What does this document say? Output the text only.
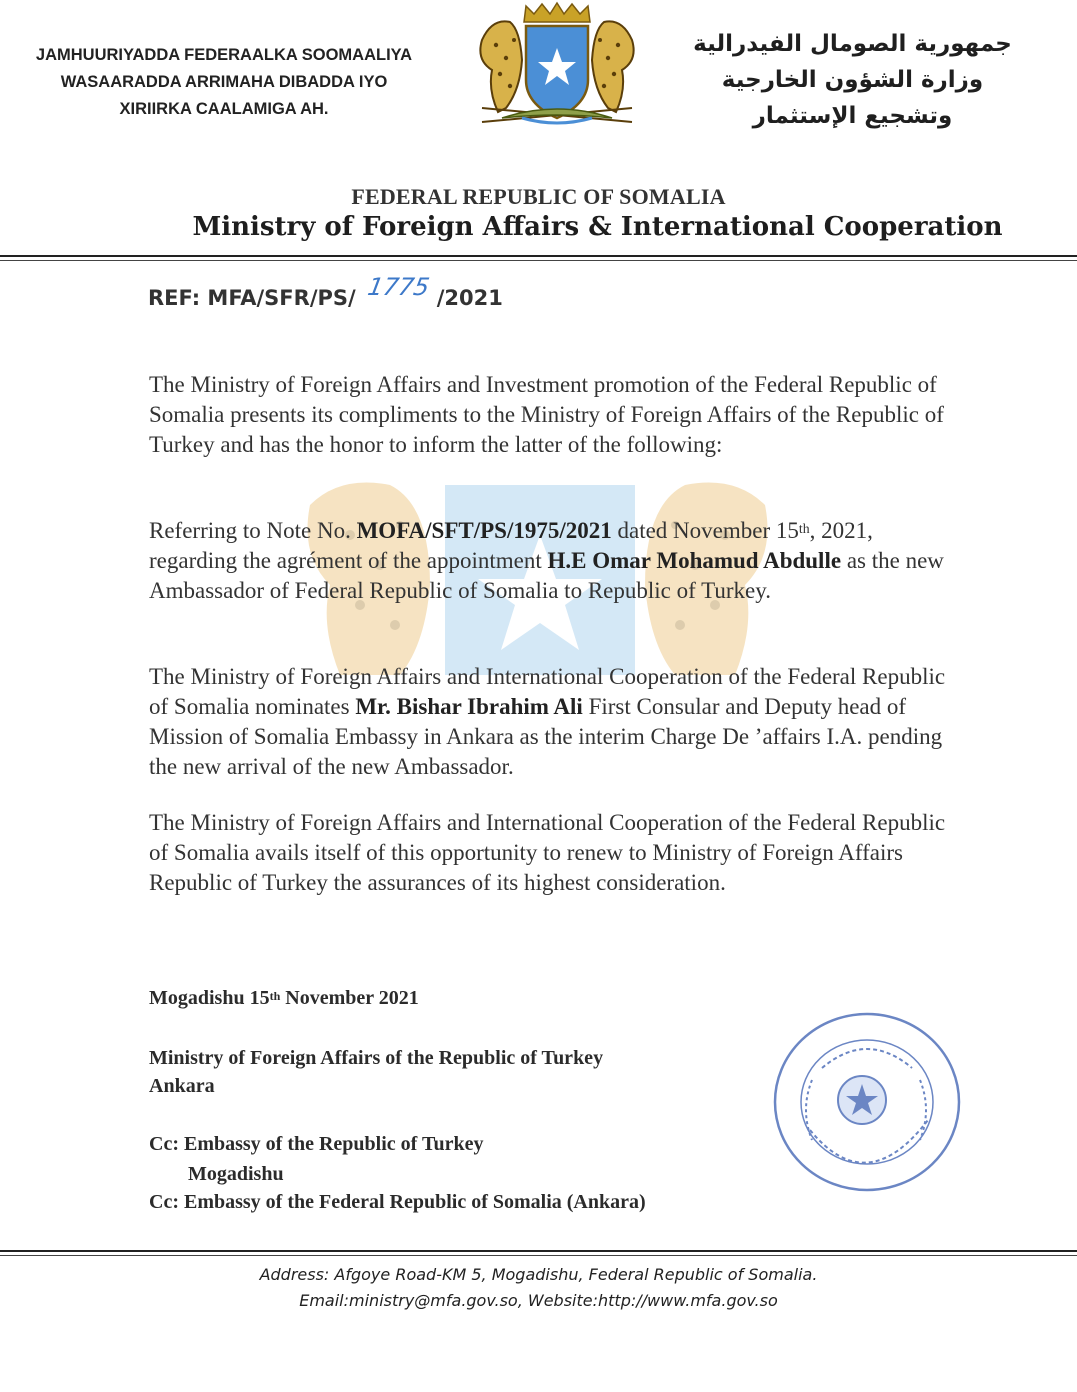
JAMHUURIYADDA FEDERAALKA SOOMAALIYA
WASAARADDA ARRIMAHA DIBADDA IYO
XIRIIRKA CAALAMIGA AH.
جمهورية الصومال الفيدرالية
وزارة الشؤون الخارجية
وتشجيع الإستثمار
FEDERAL REPUBLIC OF SOMALIA
Ministry of Foreign Affairs & International Cooperation
REF: MFA/SFR/PS/ 1775 /2021
The Ministry of Foreign Affairs and Investment promotion of the Federal Republic of Somalia presents its compliments to the Ministry of Foreign Affairs of the Republic of Turkey and has the honor to inform the latter of the following:
Referring to Note No. MOFA/SFT/PS/1975/2021 dated November 15th, 2021, regarding the agrément of the appointment H.E Omar Mohamud Abdulle as the new Ambassador of Federal Republic of Somalia to Republic of Turkey.
The Ministry of Foreign Affairs and International Cooperation of the Federal Republic of Somalia nominates Mr. Bishar Ibrahim Ali First Consular and Deputy head of Mission of Somalia Embassy in Ankara as the interim Charge De ’affairs I.A. pending the new arrival of the new Ambassador.
The Ministry of Foreign Affairs and International Cooperation of the Federal Republic of Somalia avails itself of this opportunity to renew to Ministry of Foreign Affairs Republic of Turkey the assurances of its highest consideration.
Mogadishu 15th November 2021
Ministry of Foreign Affairs of the Republic of Turkey
Ankara
Cc: Embassy of the Republic of Turkey
Mogadishu
Cc: Embassy of the Federal Republic of Somalia (Ankara)
Address: Afgoye Road-KM 5, Mogadishu, Federal Republic of Somalia.
Email:ministry@mfa.gov.so, Website:http://www.mfa.gov.so
